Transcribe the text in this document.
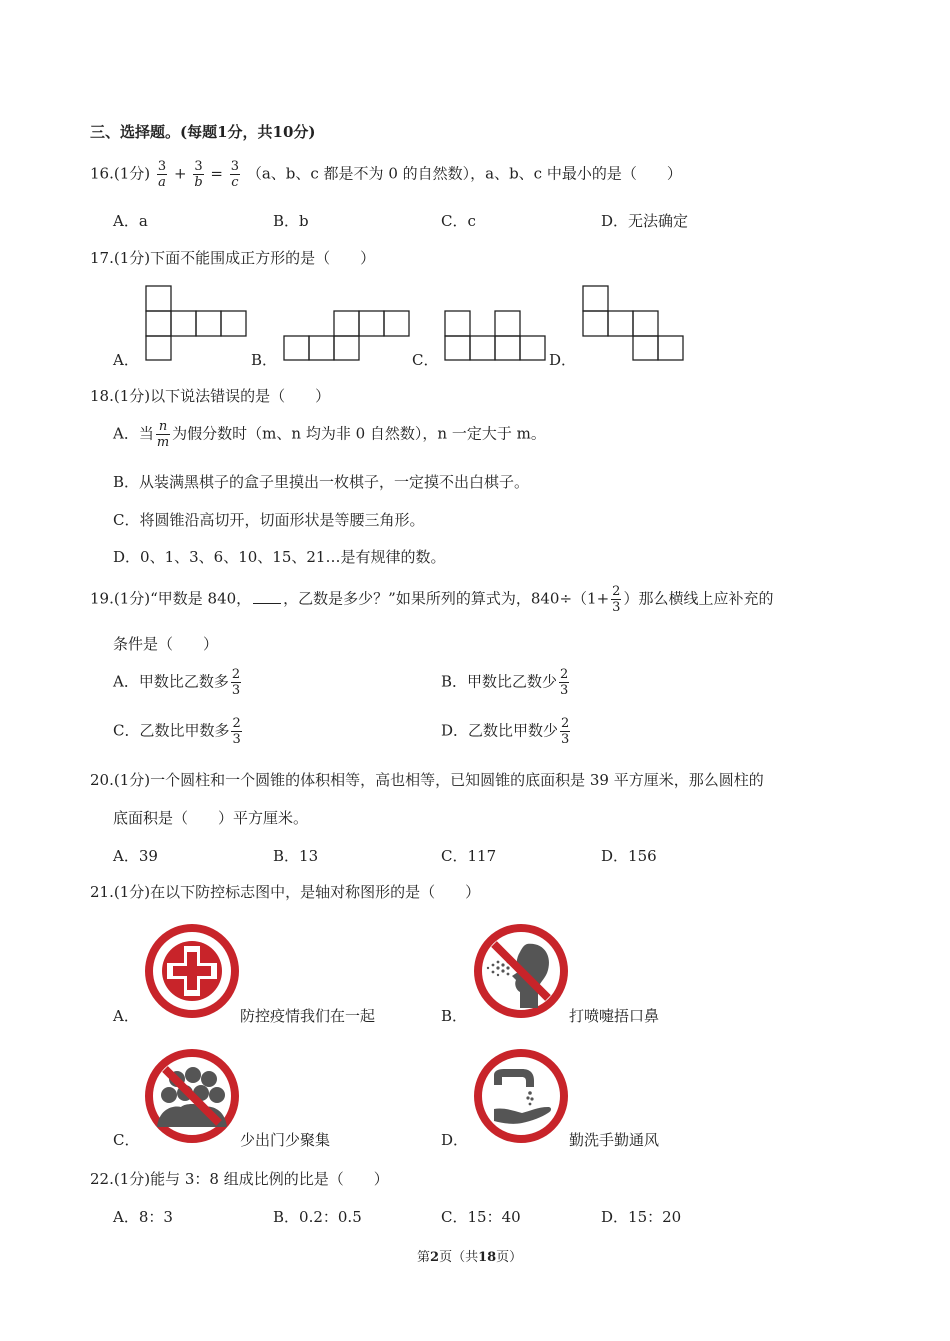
三、选择题。(每题1分，共10分)
16.(1分) $\frac{3}{a} + \frac{3}{b} = \frac{3}{c} (a$、b、c 都是不为 0 的自然数），a、b、c 中最小的是（　　）
A．a	B．b	C．c	D．无法确定
17.(1分)下面不能围成正方形的是（　　）
A．	B．	C．	D．
18.(1分)以下说法错误的是（　　）
A．当 $\frac{n}{m}$ 为假分数时（m、n 均为非 0 自然数），n 一定大于 m。
B．从装满黑棋子的盒子里摸出一枚棋子，一定摸不出白棋子。
C．将圆锥沿高切开，切面形状是等腰三角形。
D．0、1、3、6、10、15、21…是有规律的数。
19.(1分)“甲数是 840， ，乙数是多少？”如果所列的算式为，$840\div(1+ \frac{2}{3}$ ）那么横线上应补充的
条件是（　　）
A．甲数比乙数多 $\frac{2}{3}$	B．甲数比乙数少 $\frac{2}{3}$
C．乙数比甲数多 $\frac{2}{3}$	D．乙数比甲数少 $\frac{2}{3}$
20.(1分)一个圆柱和一个圆锥的体积相等，高也相等，已知圆锥的底面积是 39 平方厘米，那么圆柱的
底面积是（　　）平方厘米。
A．39	B．13	C．117	D．156
21.(1分)在以下防控标志图中，是轴对称图形的是（　　）
A．	防控疫情我们在一起	B．	打喷嚏捂口鼻
C．	少出门少聚集	D．	勤洗手勤通风
22.(1分)能与 3：8 组成比例的比是（　　）
A．8：3	B．0.2：0.5	C．15：40	D．15：20
第2页（共18页）
